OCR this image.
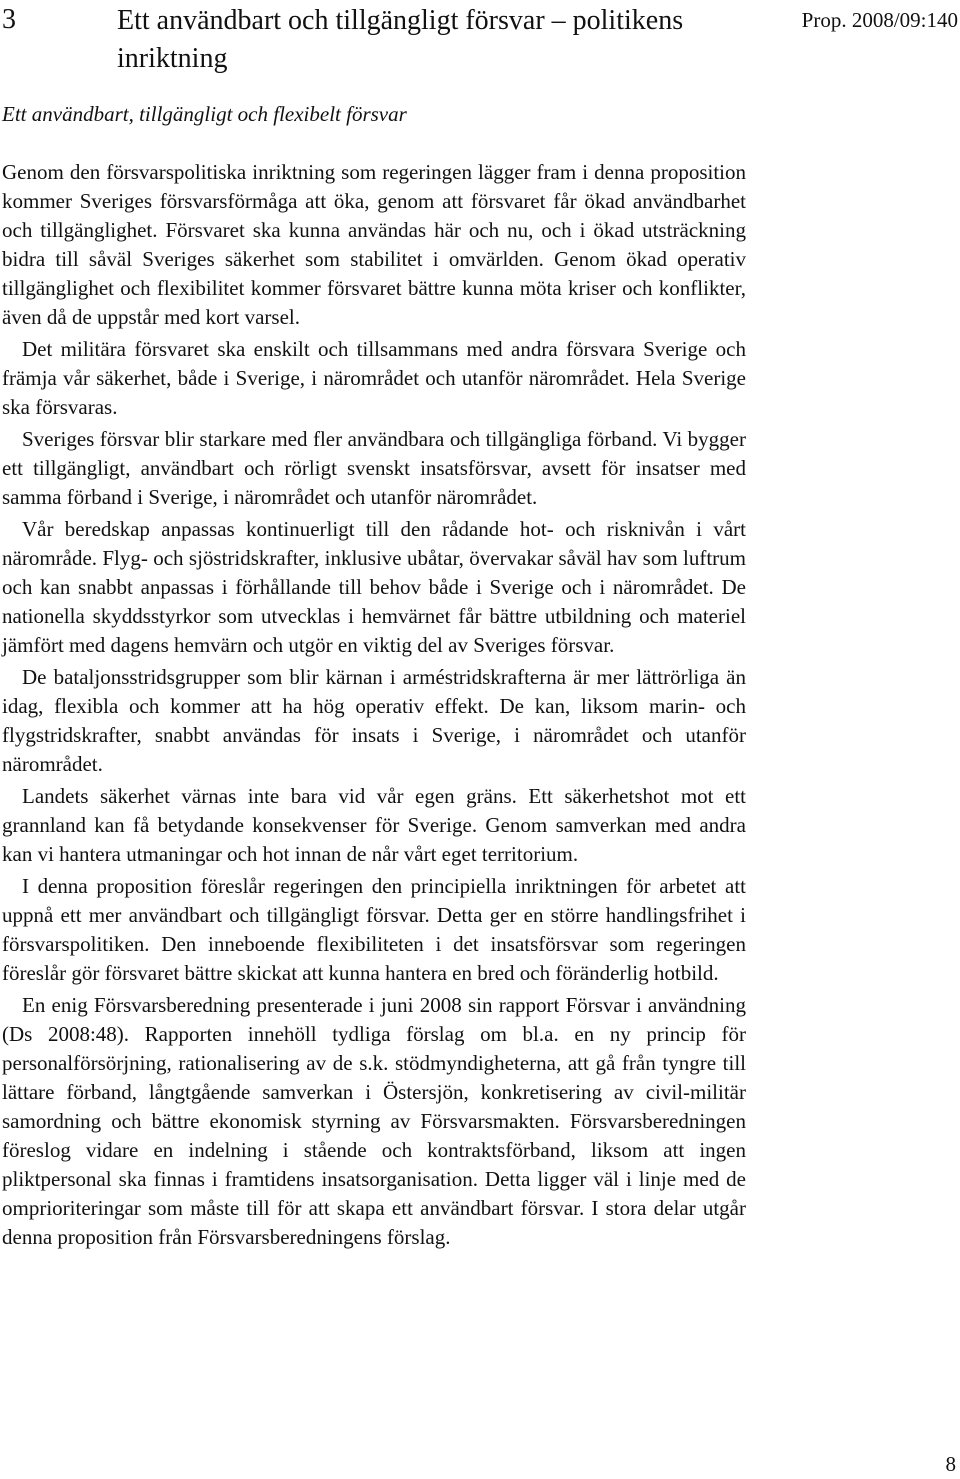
3	Ett användbart och tillgängligt försvar – politikens inriktning
Prop. 2008/09:140
Ett användbart, tillgängligt och flexibelt försvar

Genom den försvarspolitiska inriktning som regeringen lägger fram i denna proposition kommer Sveriges försvarsförmåga att öka, genom att försvaret får ökad användbarhet och tillgänglighet. Försvaret ska kunna användas här och nu, och i ökad utsträckning bidra till såväl Sveriges säkerhet som stabilitet i omvärlden. Genom ökad operativ tillgänglighet och flexibilitet kommer försvaret bättre kunna möta kriser och konflikter, även då de uppstår med kort varsel.

Det militära försvaret ska enskilt och tillsammans med andra försvara Sverige och främja vår säkerhet, både i Sverige, i närområdet och utanför närområdet. Hela Sverige ska försvaras.

Sveriges försvar blir starkare med fler användbara och tillgängliga förband. Vi bygger ett tillgängligt, användbart och rörligt svenskt insatsförsvar, avsett för insatser med samma förband i Sverige, i närområdet och utanför närområdet.

Vår beredskap anpassas kontinuerligt till den rådande hot- och risknivån i vårt närområde. Flyg- och sjöstridskrafter, inklusive ubåtar, övervakar såväl hav som luftrum och kan snabbt anpassas i förhållande till behov både i Sverige och i närområdet. De nationella skyddsstyrkor som utvecklas i hemvärnet får bättre utbildning och materiel jämfört med dagens hemvärn och utgör en viktig del av Sveriges försvar.

De bataljonsstridsgrupper som blir kärnan i arméstridskrafterna är mer lättrörliga än idag, flexibla och kommer att ha hög operativ effekt. De kan, liksom marin- och flygstridskrafter, snabbt användas för insats i Sverige, i närområdet och utanför närområdet.

Landets säkerhet värnas inte bara vid vår egen gräns. Ett säkerhetshot mot ett grannland kan få betydande konsekvenser för Sverige. Genom samverkan med andra kan vi hantera utmaningar och hot innan de når vårt eget territorium.

I denna proposition föreslår regeringen den principiella inriktningen för arbetet att uppnå ett mer användbart och tillgängligt försvar. Detta ger en större handlingsfrihet i försvarspolitiken. Den inneboende flexibiliteten i det insatsförsvar som regeringen föreslår gör försvaret bättre skickat att kunna hantera en bred och föränderlig hotbild.

En enig Försvarsberedning presenterade i juni 2008 sin rapport Försvar i användning (Ds 2008:48). Rapporten innehöll tydliga förslag om bl.a. en ny princip för personalförsörjning, rationalisering av de s.k. stödmyndigheterna, att gå från tyngre till lättare förband, långtgående samverkan i Östersjön, konkretisering av civil-militär samordning och bättre ekonomisk styrning av Försvarsmakten. Försvarsberedningen föreslog vidare en indelning i stående och kontraktsförband, liksom att ingen pliktpersonal ska finnas i framtidens insatsorganisation. Detta ligger väl i linje med de omprioriteringar som måste till för att skapa ett användbart försvar. I stora delar utgår denna proposition från Försvarsberedningens förslag.

8
